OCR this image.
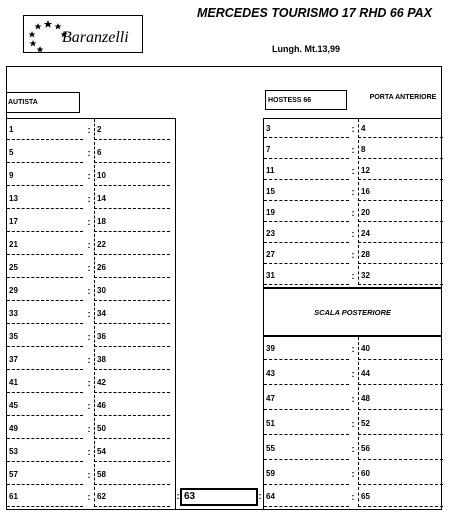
MERCEDES TOURISMO 17 RHD 66 PAX
Baranzelli
Lungh. Mt.13,99
AUTISTA	HOSTESS 66	PORTA ANTERIORE
1	: 2
5	: 6
9	: 10
13	: 14
17	: 18
21	: 22
25	: 26
29	: 30
33	: 34
35	: 36
37	: 38
41	: 42
45	: 46
49	: 50
53	: 54
57	: 58
61	: 62
3	: 4
7	: 8
11	: 12
15	: 16
19	: 20
23	: 24
27	: 28
31	: 32
SCALA POSTERIORE
39	: 40
43	: 44
47	: 48
51	: 52
55	: 56
59	: 60
64	: 65
: 63	:
